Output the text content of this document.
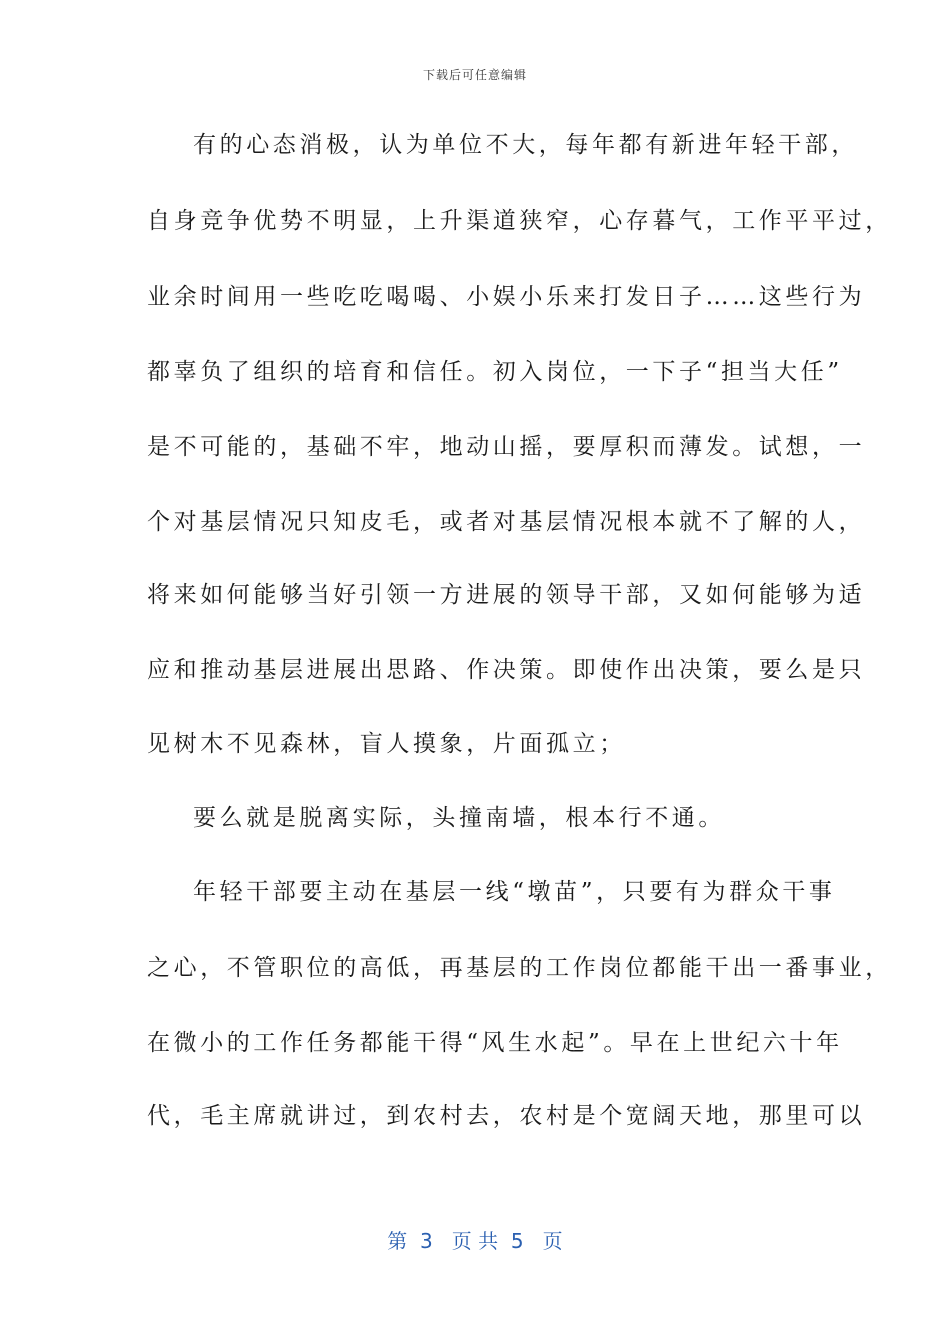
下载后可任意编辑
有的心态消极，认为单位不大，每年都有新进年轻干部，
自身竞争优势不明显，上升渠道狭窄，心存暮气，工作平平过，
业余时间用一些吃吃喝喝、小娱小乐来打发日子……这些行为
都辜负了组织的培育和信任。初入岗位，一下子“担当大任”
是不可能的，基础不牢，地动山摇，要厚积而薄发。试想，一
个对基层情况只知皮毛，或者对基层情况根本就不了解的人，
将来如何能够当好引领一方进展的领导干部，又如何能够为适
应和推动基层进展出思路、作决策。即使作出决策，要么是只
见树木不见森林，盲人摸象，片面孤立；
要么就是脱离实际，头撞南墙，根本行不通。
年轻干部要主动在基层一线“墩苗”，只要有为群众干事
之心，不管职位的高低，再基层的工作岗位都能干出一番事业，
在微小的工作任务都能干得“风生水起”。早在上世纪六十年
代，毛主席就讲过，到农村去，农村是个宽阔天地，那里可以
第  3   页 共  5   页
